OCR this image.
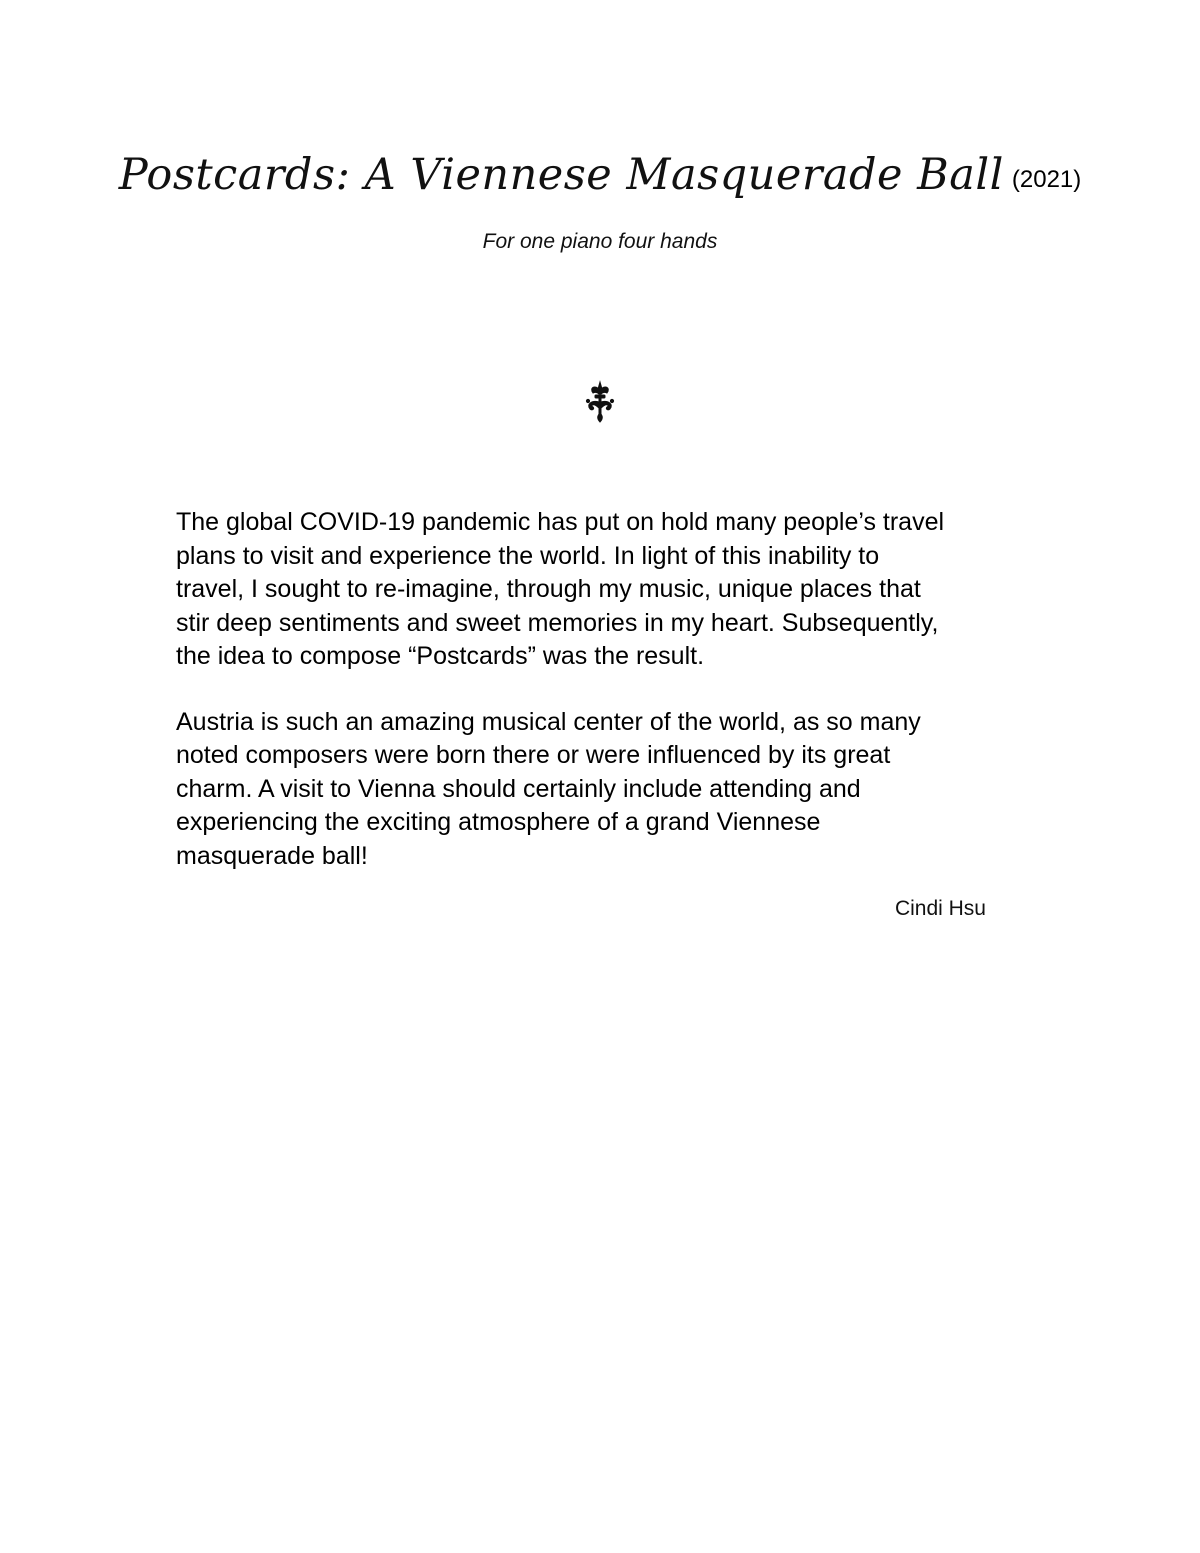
Postcards: A Viennese Masquerade Ball (2021)
For one piano four hands

The global COVID-19 pandemic has put on hold many people’s travel
plans to visit and experience the world. In light of this inability to
travel, I sought to re-imagine, through my music, unique places that
stir deep sentiments and sweet memories in my heart. Subsequently,
the idea to compose “Postcards” was the result.

Austria is such an amazing musical center of the world, as so many
noted composers were born there or were influenced by its great
charm. A visit to Vienna should certainly include attending and
experiencing the exciting atmosphere of a grand Viennese
masquerade ball!

Cindi Hsu
